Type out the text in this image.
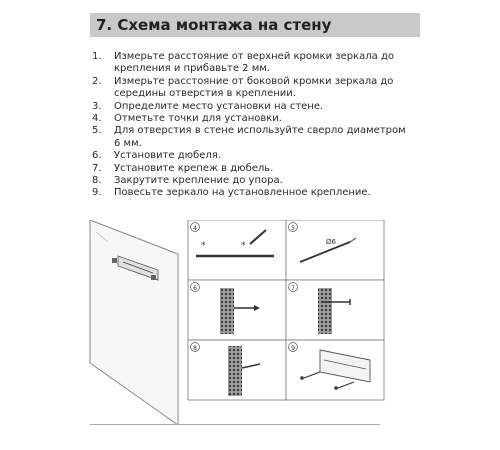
7. Схема монтажа на стену
1. Измерьте расстояние от верхней кромки зеркала до крепления и прибавьте 2 мм.
2. Измерьте расстояние от боковой кромки зеркала до середины отверстия в креплении.
3. Определите место установки на стене.
4. Отметьте точки для установки.
5. Для отверстия в стене используйте сверло диаметром 6 мм.
6. Установите дюбеля.
7. Установите крепеж в дюбель.
8. Закрутите крепление до упора.
9. Повесьте зеркало на установленное крепление.
4
*	*
5
Ø6
6	7
8	9
